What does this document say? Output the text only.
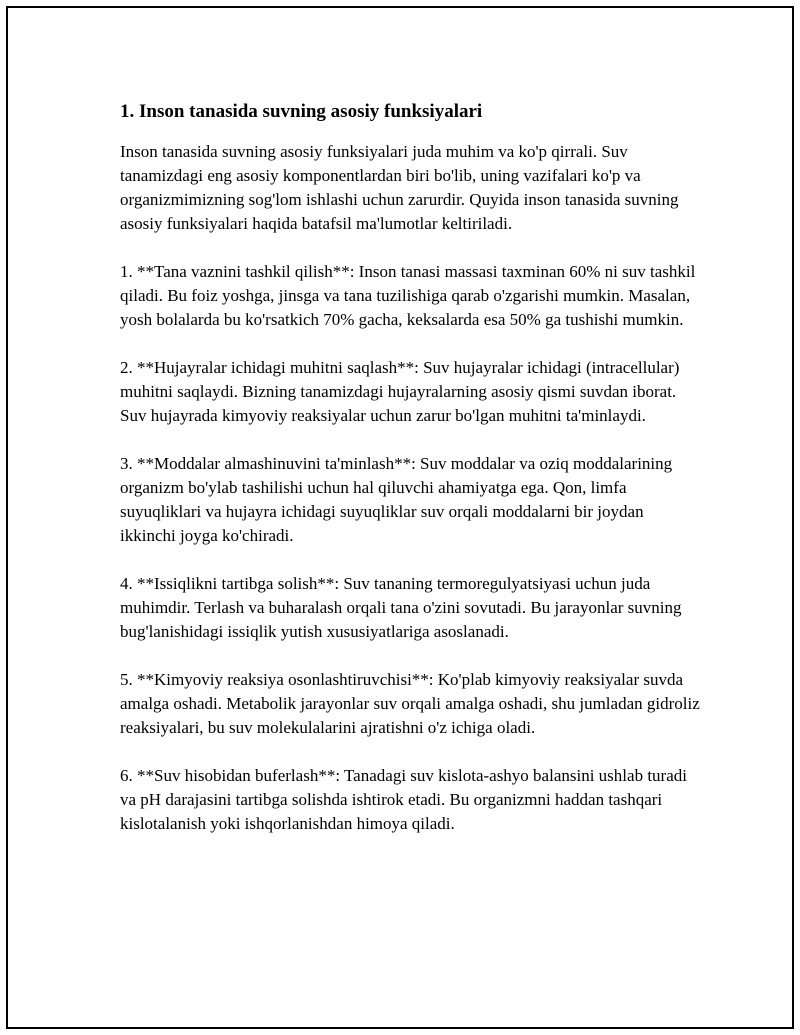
1. Inson tanasida suvning asosiy funksiyalari

Inson tanasida suvning asosiy funksiyalari juda muhim va ko'p qirrali. Suv tanamizdagi eng asosiy komponentlardan biri bo'lib, uning vazifalari ko'p va organizmimizning sog'lom ishlashi uchun zarurdir. Quyida inson tanasida suvning asosiy funksiyalari haqida batafsil ma'lumotlar keltiriladi.

1. **Tana vaznini tashkil qilish**: Inson tanasi massasi taxminan 60% ni suv tashkil qiladi. Bu foiz yoshga, jinsga va tana tuzilishiga qarab o'zgarishi mumkin. Masalan, yosh bolalarda bu ko'rsatkich 70% gacha, keksalarda esa 50% ga tushishi mumkin.

2. **Hujayralar ichidagi muhitni saqlash**: Suv hujayralar ichidagi (intracellular) muhitni saqlaydi. Bizning tanamizdagi hujayralarning asosiy qismi suvdan iborat. Suv hujayrada kimyoviy reaksiyalar uchun zarur bo'lgan muhitni ta'minlaydi.

3. **Moddalar almashinuvini ta'minlash**: Suv moddalar va oziq moddalarining organizm bo'ylab tashilishi uchun hal qiluvchi ahamiyatga ega. Qon, limfa suyuqliklari va hujayra ichidagi suyuqliklar suv orqali moddalarni bir joydan ikkinchi joyga ko'chiradi.

4. **Issiqlikni tartibga solish**: Suv tananing termoregulyatsiyasi uchun juda muhimdir. Terlash va buharalash orqali tana o'zini sovutadi. Bu jarayonlar suvning bug'lanishidagi issiqlik yutish xususiyatlariga asoslanadi.

5. **Kimyoviy reaksiya osonlashtiruvchisi**: Ko'plab kimyoviy reaksiyalar suvda amalga oshadi. Metabolik jarayonlar suv orqali amalga oshadi, shu jumladan gidroliz reaksiyalari, bu suv molekulalarini ajratishni o'z ichiga oladi.

6. **Suv hisobidan buferlash**: Tanadagi suv kislota-ashyo balansini ushlab turadi va pH darajasini tartibga solishda ishtirok etadi. Bu organizmni haddan tashqari kislotalanish yoki ishqorlanishdan himoya qiladi.
